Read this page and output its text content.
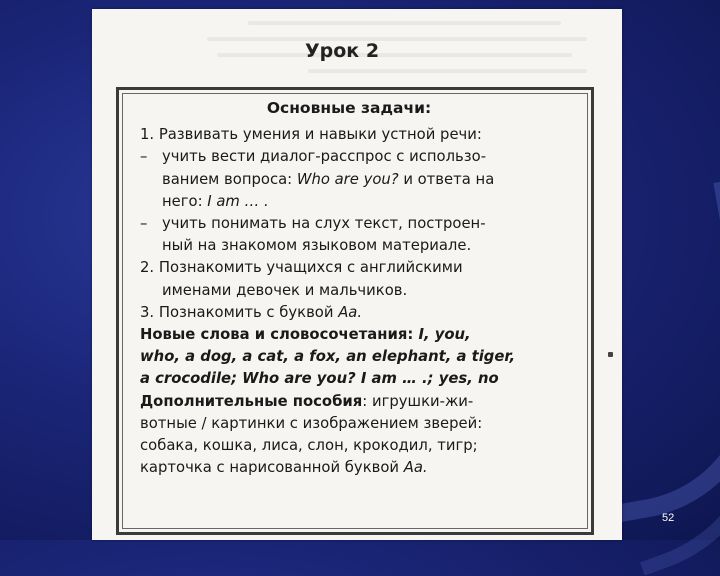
Урок 2
Основные задачи:
1. Развивать умения и навыки устной речи:
– учить вести диалог-расспрос с использо-
ванием вопроса: Who are you? и ответа на
него: I am … .
– учить понимать на слух текст, построен-
ный на знакомом языковом материале.
2. Познакомить учащихся с английскими
именами девочек и мальчиков.
3. Познакомить с буквой Аа.
Новые слова и словосочетания: I, you,
who, a dog, a cat, a fox, an elephant, a tiger,
a crocodile; Who are you? I am … .; yes, no
Дополнительные пособия: игрушки-жи-
вотные / картинки с изображением зверей:
собака, кошка, лиса, слон, крокодил, тигр;
карточка с нарисованной буквой Аа.
52
